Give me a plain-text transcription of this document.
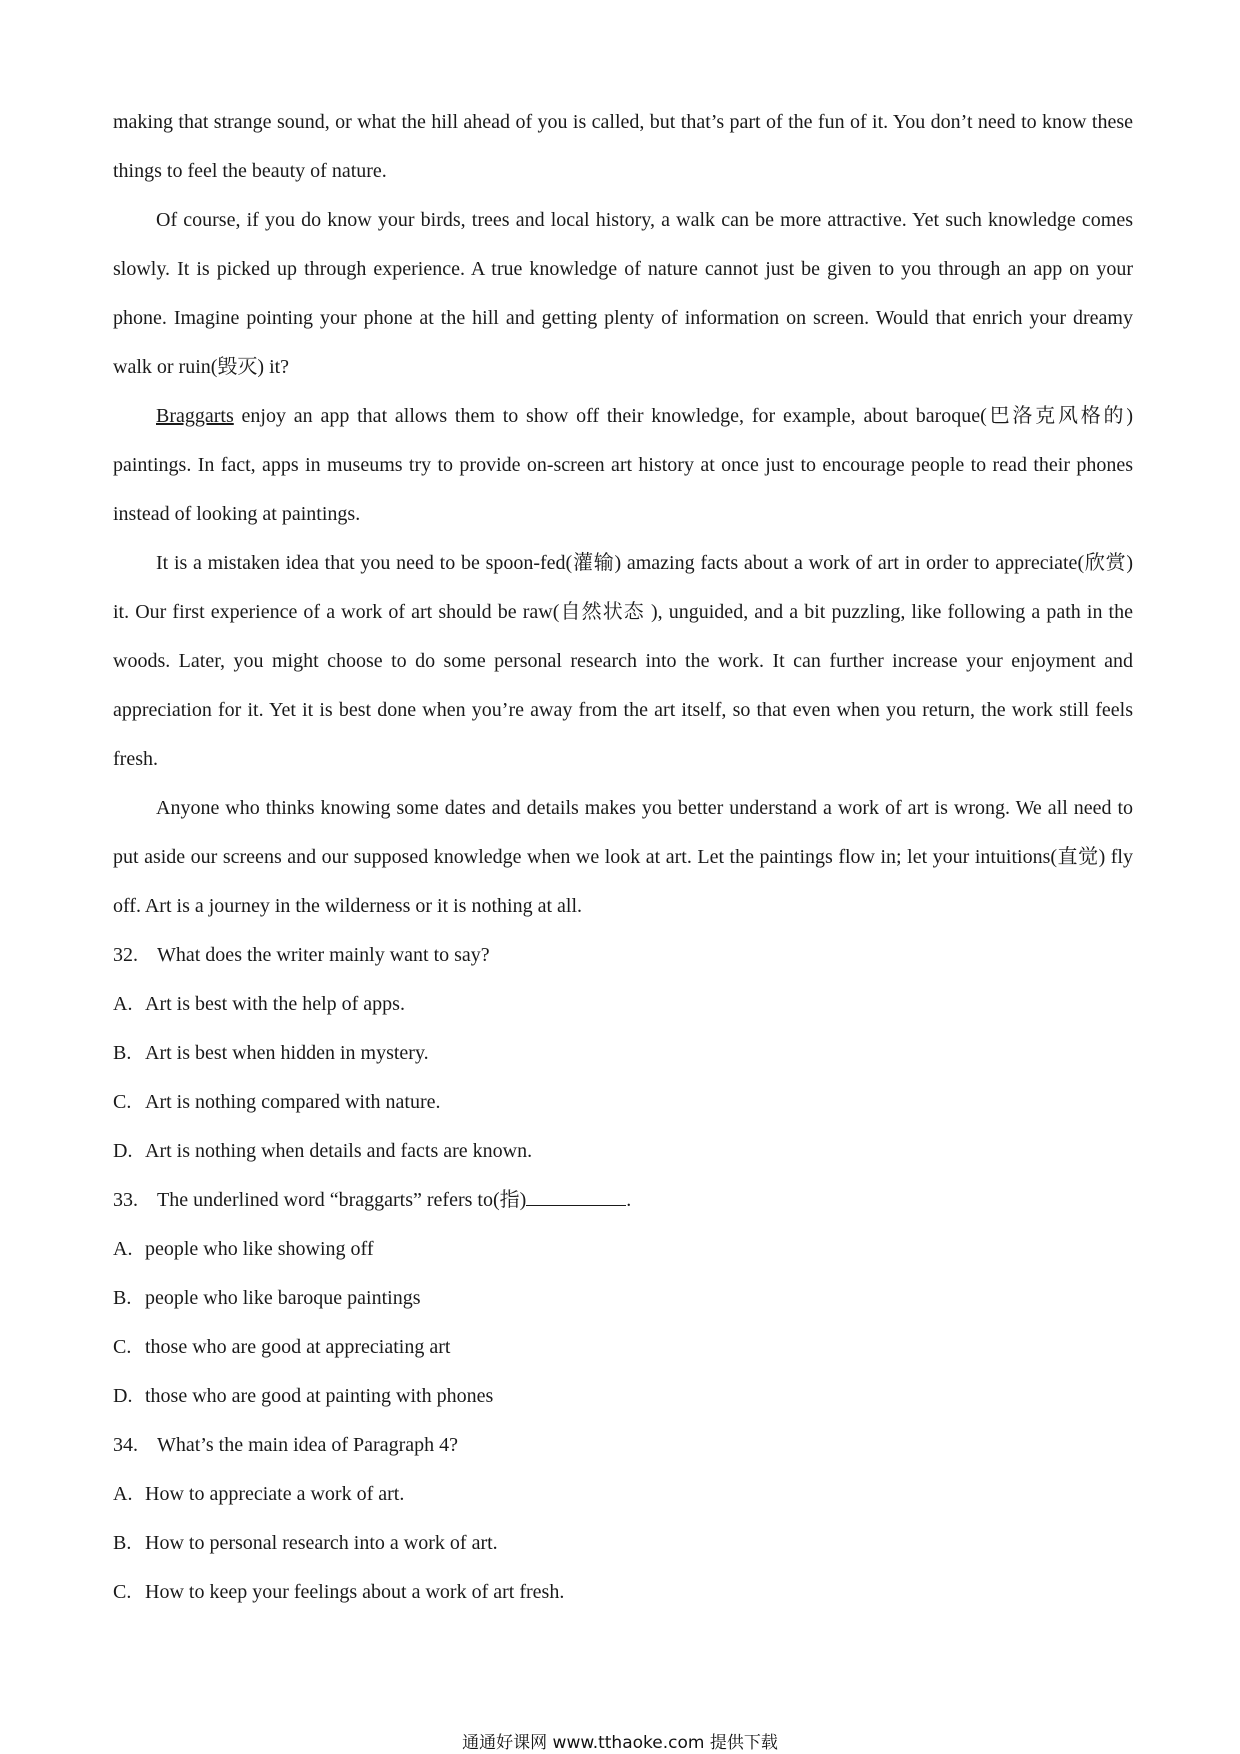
making that strange sound, or what the hill ahead of you is called, but that’s part of the fun of it. You don’t need to know these things to feel the beauty of nature.

Of course, if you do know your birds, trees and local history, a walk can be more attractive. Yet such knowledge comes slowly. It is picked up through experience. A true knowledge of nature cannot just be given to you through an app on your phone. Imagine pointing your phone at the hill and getting plenty of information on screen. Would that enrich your dreamy walk or ruin(毁灭) it?

Braggarts enjoy an app that allows them to show off their knowledge, for example, about baroque(巴洛克风格的) paintings. In fact, apps in museums try to provide on-screen art history at once just to encourage people to read their phones instead of looking at paintings.

It is a mistaken idea that you need to be spoon-fed(灌输) amazing facts about a work of art in order to appreciate(欣赏) it. Our first experience of a work of art should be raw(自然状态 ), unguided, and a bit puzzling, like following a path in the woods. Later, you might choose to do some personal research into the work. It can further increase your enjoyment and appreciation for it. Yet it is best done when you’re away from the art itself, so that even when you return, the work still feels fresh.

Anyone who thinks knowing some dates and details makes you better understand a work of art is wrong. We all need to put aside our screens and our supposed knowledge when we look at art. Let the paintings flow in; let your intuitions(直觉) fly off. Art is a journey in the wilderness or it is nothing at all.

32. What does the writer mainly want to say?

A. Art is best with the help of apps.

B. Art is best when hidden in mystery.

C. Art is nothing compared with nature.

D. Art is nothing when details and facts are known.

33. The underlined word “braggarts” refers to(指)	.

A. people who like showing off

B. people who like baroque paintings

C. those who are good at appreciating art

D. those who are good at painting with phones

34. What’s the main idea of Paragraph 4?

A. How to appreciate a work of art.

B. How to personal research into a work of art.

C. How to keep your feelings about a work of art fresh.

通通好课网 www.tthaoke.com 提供下载
